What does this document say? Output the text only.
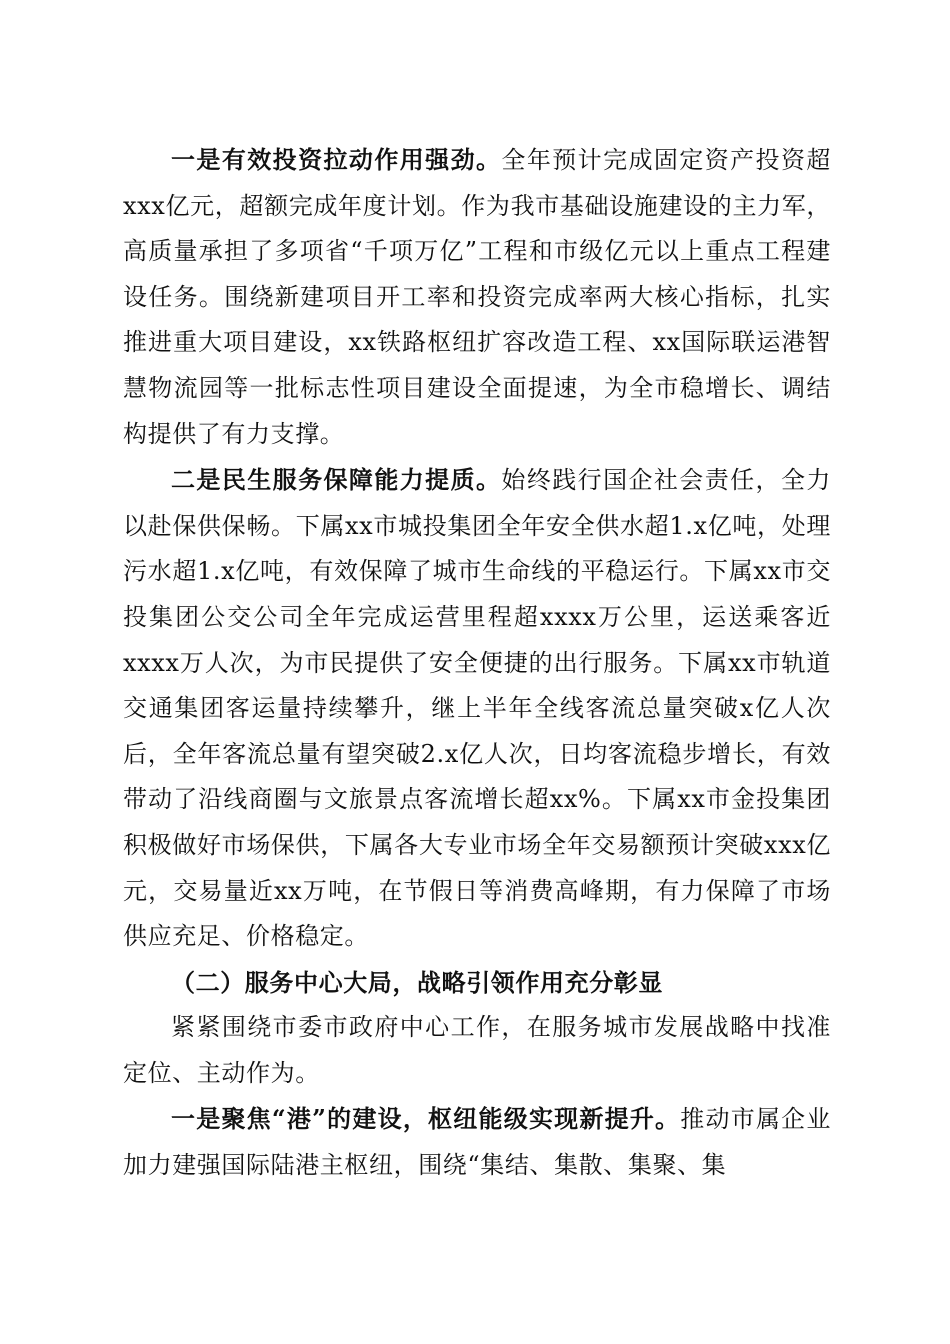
一是有效投资拉动作用强劲。全年预计完成固定资产投资超xxx亿元，超额完成年度计划。作为我市基础设施建设的主力军，高质量承担了多项省“千项万亿”工程和市级亿元以上重点工程建设任务。围绕新建项目开工率和投资完成率两大核心指标，扎实推进重大项目建设，xx铁路枢纽扩容改造工程、xx国际联运港智慧物流园等一批标志性项目建设全面提速，为全市稳增长、调结构提供了有力支撑。

二是民生服务保障能力提质。始终践行国企社会责任，全力以赴保供保畅。下属xx市城投集团全年安全供水超1.x亿吨，处理污水超1.x亿吨，有效保障了城市生命线的平稳运行。下属xx市交投集团公交公司全年完成运营里程超xxxx万公里，运送乘客近xxxx万人次，为市民提供了安全便捷的出行服务。下属xx市轨道交通集团客运量持续攀升，继上半年全线客流总量突破x亿人次后，全年客流总量有望突破2.x亿人次，日均客流稳步增长，有效带动了沿线商圈与文旅景点客流增长超xx%。下属xx市金投集团积极做好市场保供，下属各大专业市场全年交易额预计突破xxx亿元，交易量近xx万吨，在节假日等消费高峰期，有力保障了市场供应充足、价格稳定。

（二）服务中心大局，战略引领作用充分彰显

紧紧围绕市委市政府中心工作，在服务城市发展战略中找准定位、主动作为。

一是聚焦“港”的建设，枢纽能级实现新提升。推动市属企业加力建强国际陆港主枢纽，围绕“集结、集散、集聚、集
